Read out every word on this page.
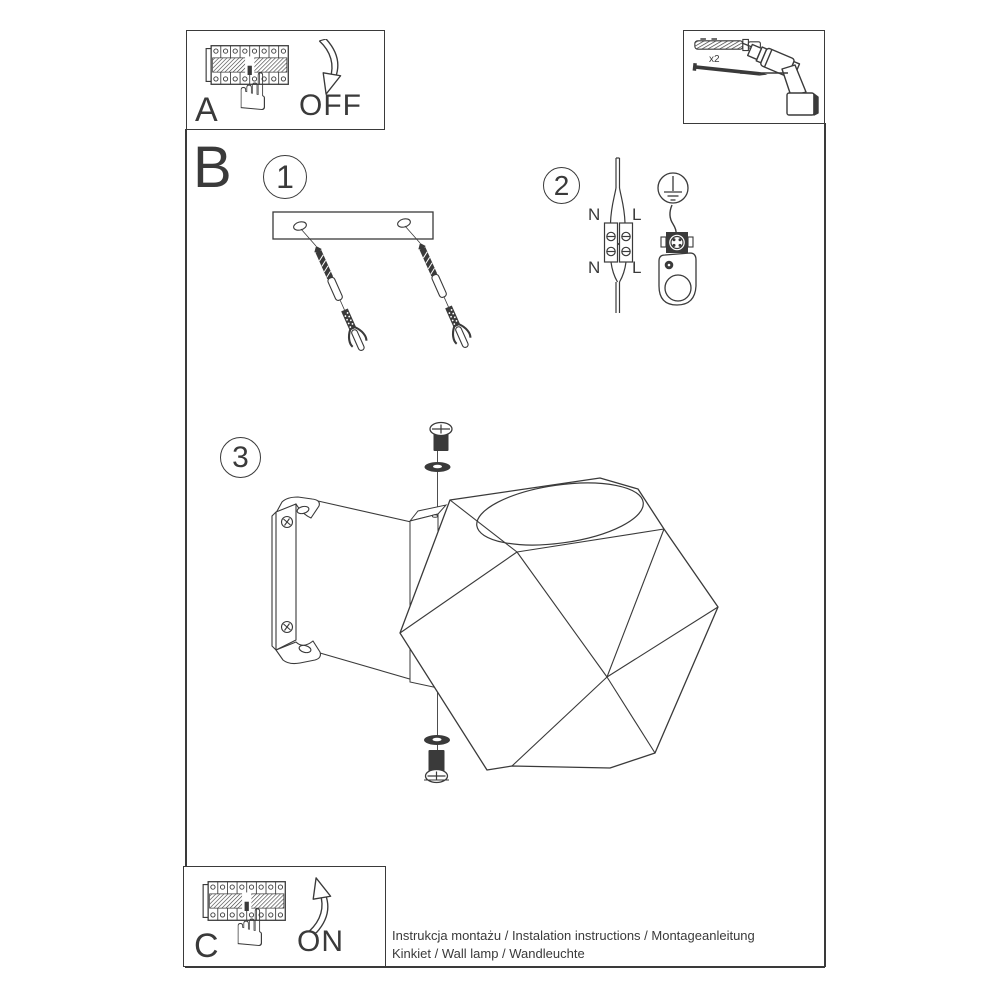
☝ OFF
A
x2
B 1	2
N L
N L
3
☝ ON
C	Instrukcja montażu / Instalation instructions / Montageanleitung
Kinkiet / Wall lamp / Wandleuchte
